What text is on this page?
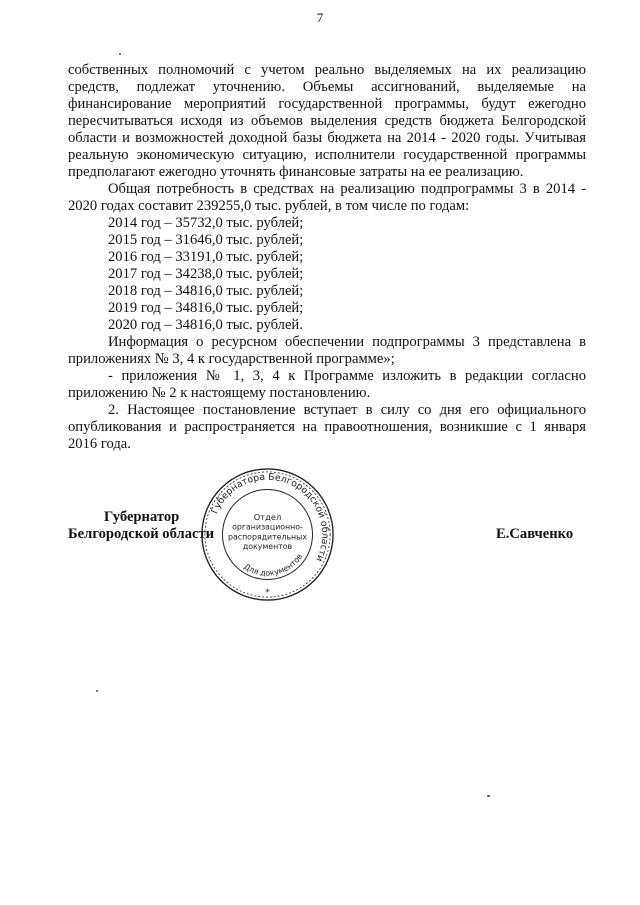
7

собственных полномочий с учетом реально выделяемых на их реализацию средств, подлежат уточнению. Объемы ассигнований, выделяемые на финансирование мероприятий государственной программы, будут ежегодно пересчитываться исходя из объемов выделения средств бюджета Белгородской области и возможностей доходной базы бюджета на 2014 - 2020 годы. Учитывая реальную экономическую ситуацию, исполнители государственной программы предполагают ежегодно уточнять финансовые затраты на ее реализацию.

Общая потребность в средствах на реализацию подпрограммы 3 в 2014 - 2020 годах составит 239255,0 тыс. рублей, в том числе по годам:

2014 год – 35732,0 тыс. рублей;
2015 год – 31646,0 тыс. рублей;
2016 год – 33191,0 тыс. рублей;
2017 год – 34238,0 тыс. рублей;
2018 год – 34816,0 тыс. рублей;
2019 год – 34816,0 тыс. рублей;
2020 год – 34816,0 тыс. рублей.

Информация о ресурсном обеспечении подпрограммы 3 представлена в приложениях № 3, 4 к государственной программе»;

- приложения № 1, 3, 4 к Программе изложить в редакции согласно приложению № 2 к настоящему постановлению.

2. Настоящее постановление вступает в силу со дня его официального опубликования и распространяется на правоотношения, возникшие с 1 января 2016 года.

Губернатор
Белгородской области
Губернатора Белгородской области
Для документов
Отдел
организационно-
распорядительных
документов
*
Е.Савченко
